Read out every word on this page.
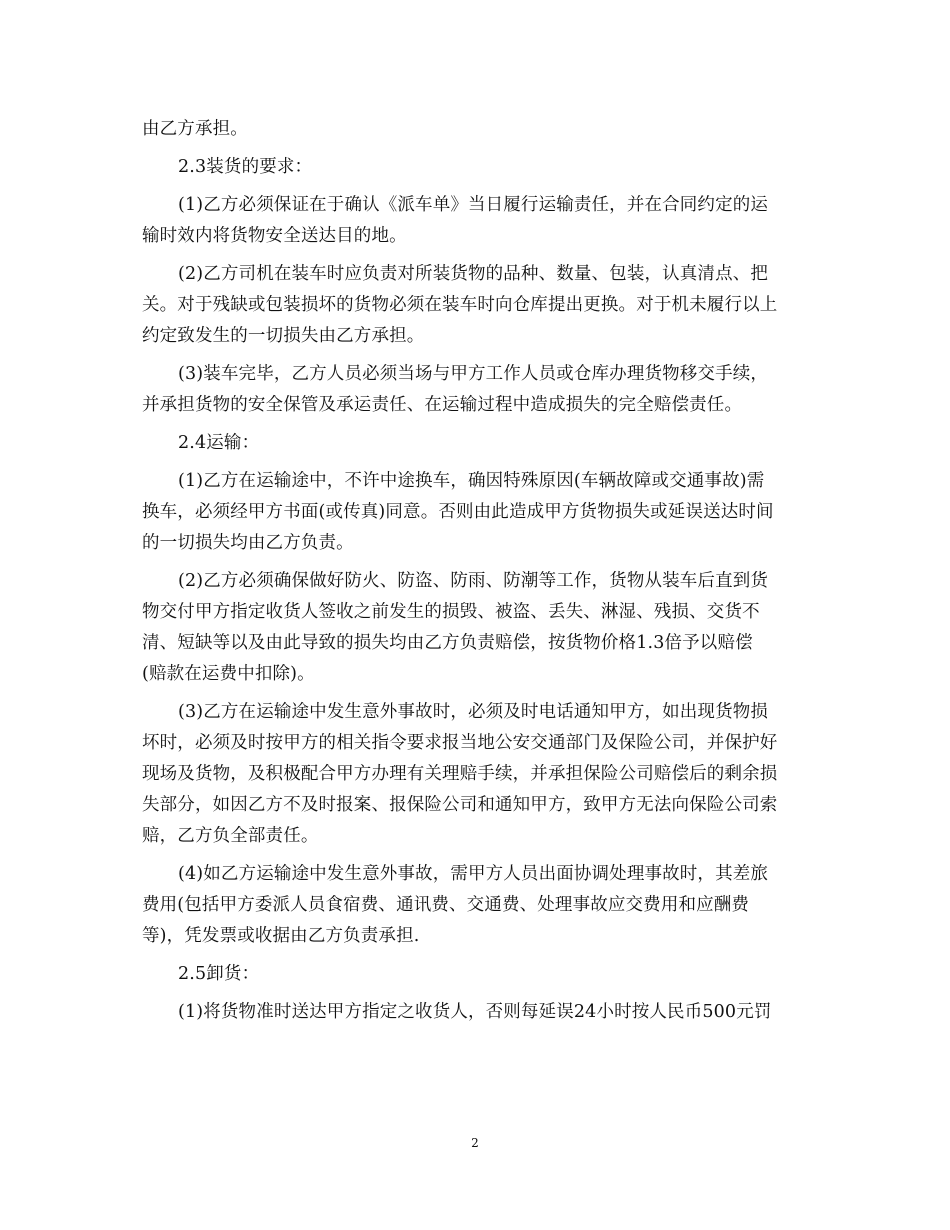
由乙方承担。
2.3装货的要求：
(1)乙方必须保证在于确认《派车单》当日履行运输责任，并在合同约定的运
输时效内将货物安全送达目的地。
(2)乙方司机在装车时应负责对所装货物的品种、数量、包装，认真清点、把
关。对于残缺或包装损坏的货物必须在装车时向仓库提出更换。对于机未履行以上
约定致发生的一切损失由乙方承担。
(3)装车完毕，乙方人员必须当场与甲方工作人员或仓库办理货物移交手续，
并承担货物的安全保管及承运责任、在运输过程中造成损失的完全赔偿责任。
2.4运输：
(1)乙方在运输途中，不许中途换车，确因特殊原因(车辆故障或交通事故)需
换车，必须经甲方书面(或传真)同意。否则由此造成甲方货物损失或延误送达时间
的一切损失均由乙方负责。
(2)乙方必须确保做好防火、防盗、防雨、防潮等工作，货物从装车后直到货
物交付甲方指定收货人签收之前发生的损毁、被盗、丢失、淋湿、残损、交货不
清、短缺等以及由此导致的损失均由乙方负责赔偿，按货物价格1.3倍予以赔偿
(赔款在运费中扣除)。
(3)乙方在运输途中发生意外事故时，必须及时电话通知甲方，如出现货物损
坏时，必须及时按甲方的相关指令要求报当地公安交通部门及保险公司，并保护好
现场及货物，及积极配合甲方办理有关理赔手续，并承担保险公司赔偿后的剩余损
失部分，如因乙方不及时报案、报保险公司和通知甲方，致甲方无法向保险公司索
赔，乙方负全部责任。
(4)如乙方运输途中发生意外事故，需甲方人员出面协调处理事故时，其差旅
费用(包括甲方委派人员食宿费、通讯费、交通费、处理事故应交费用和应酬费
等)，凭发票或收据由乙方负责承担.
2.5卸货：
(1)将货物准时送达甲方指定之收货人，否则每延误24小时按人民币500元罚
2
